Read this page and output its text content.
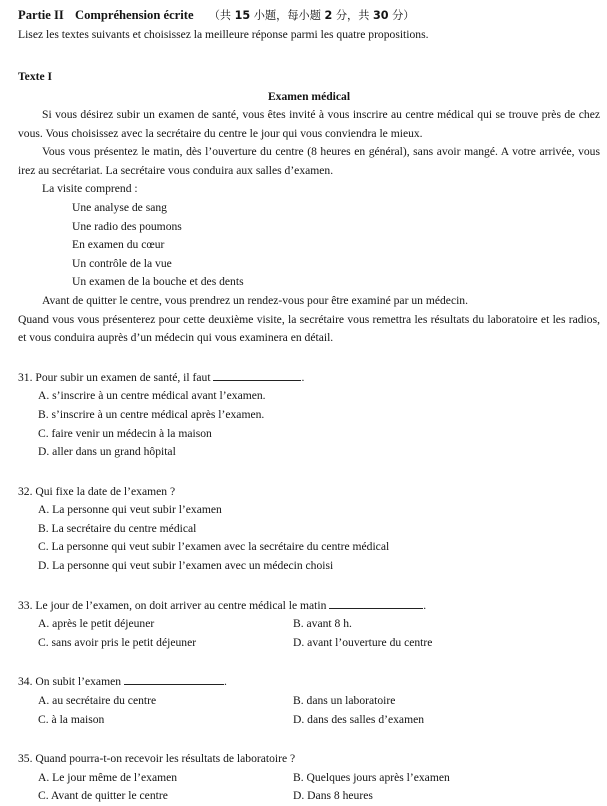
Partie II Compréhension écrite （共 15 小题，每小题 2 分，共 30 分）
Lisez les textes suivants et choisissez la meilleure réponse parmi les quatre propositions.
Texte I
Examen médical

Si vous désirez subir un examen de santé, vous êtes invité à vous inscrire au centre médical qui se trouve près de chez vous. Vous choisissez avec la secrétaire du centre le jour qui vous conviendra le mieux.

Vous vous présentez le matin, dès l’ouverture du centre (8 heures en général), sans avoir mangé. A votre arrivée, vous irez au secrétariat. La secrétaire vous conduira aux salles d’examen.

La visite comprend :

Une analyse de sang
Une radio des poumons
En examen du cœur
Un contrôle de la vue
Un examen de la bouche et des dents

Avant de quitter le centre, vous prendrez un rendez-vous pour être examiné par un médecin.

Quand vous vous présenterez pour cette deuxième visite, la secrétaire vous remettra les résultats du laboratoire et les radios, et vous conduira auprès d’un médecin qui vous examinera en détail.

31. Pour subir un examen de santé, il faut	.
A. s’inscrire à un centre médical avant l’examen.
B. s’inscrire à un centre médical après l’examen.
C. faire venir un médecin à la maison
D. aller dans un grand hôpital
32. Qui fixe la date de l’examen ?
A. La personne qui veut subir l’examen
B. La secrétaire du centre médical
C. La personne qui veut subir l’examen avec la secrétaire du centre médical
D. La personne qui veut subir l’examen avec un médecin choisi
33. Le jour de l’examen, on doit arriver au centre médical le matin	.
A. après le petit déjeuner	B. avant 8 h.
C. sans avoir pris le petit déjeuner	D. avant l’ouverture du centre
34. On subit l’examen	.
A. au secrétaire du centre	B. dans un laboratoire
C. à la maison	D. dans des salles d’examen
35. Quand pourra-t-on recevoir les résultats de laboratoire ?
A. Le jour même de l’examen	B. Quelques jours après l’examen
C. Avant de quitter le centre	D. Dans 8 heures
